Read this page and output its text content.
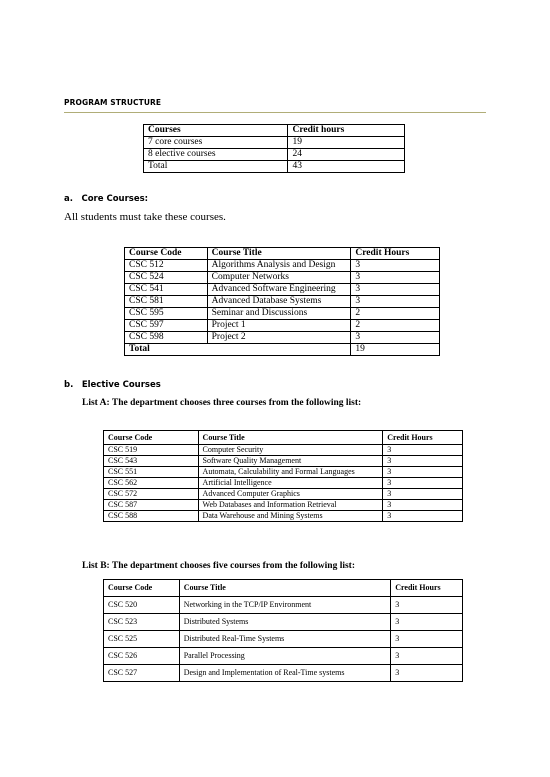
PROGRAM STRUCTURE
Courses	Credit hours
7 core courses	19
8 elective courses	24
Total	43
a. Core Courses:
All students must take these courses.
Course Code	Course Title	Credit Hours
CSC 512	Algorithms Analysis and Design	3
CSC 524	Computer Networks	3
CSC 541	Advanced Software Engineering	3
CSC 581	Advanced Database Systems	3
CSC 595	Seminar and Discussions	2
CSC 597	Project 1	2
CSC 598	Project 2	3
Total		19
b. Elective Courses
List A: The department chooses three courses from the following list:
Course Code	Course Title	Credit Hours
CSC 519	Computer Security	3
CSC 543	Software Quality Management	3
CSC 551	Automata, Calculability and Formal Languages	3
CSC 562	Artificial Intelligence	3
CSC 572	Advanced Computer Graphics	3
CSC 587	Web Databases and Information Retrieval	3
CSC 588	Data Warehouse and Mining Systems	3
List B: The department chooses five courses from the following list:
Course Code	Course Title	Credit Hours
CSC 520	Networking in the TCP/IP Environment	3
CSC 523	Distributed Systems	3
CSC 525	Distributed Real-Time Systems	3
CSC 526	Parallel Processing	3
CSC 527	Design and Implementation of Real-Time systems	3
